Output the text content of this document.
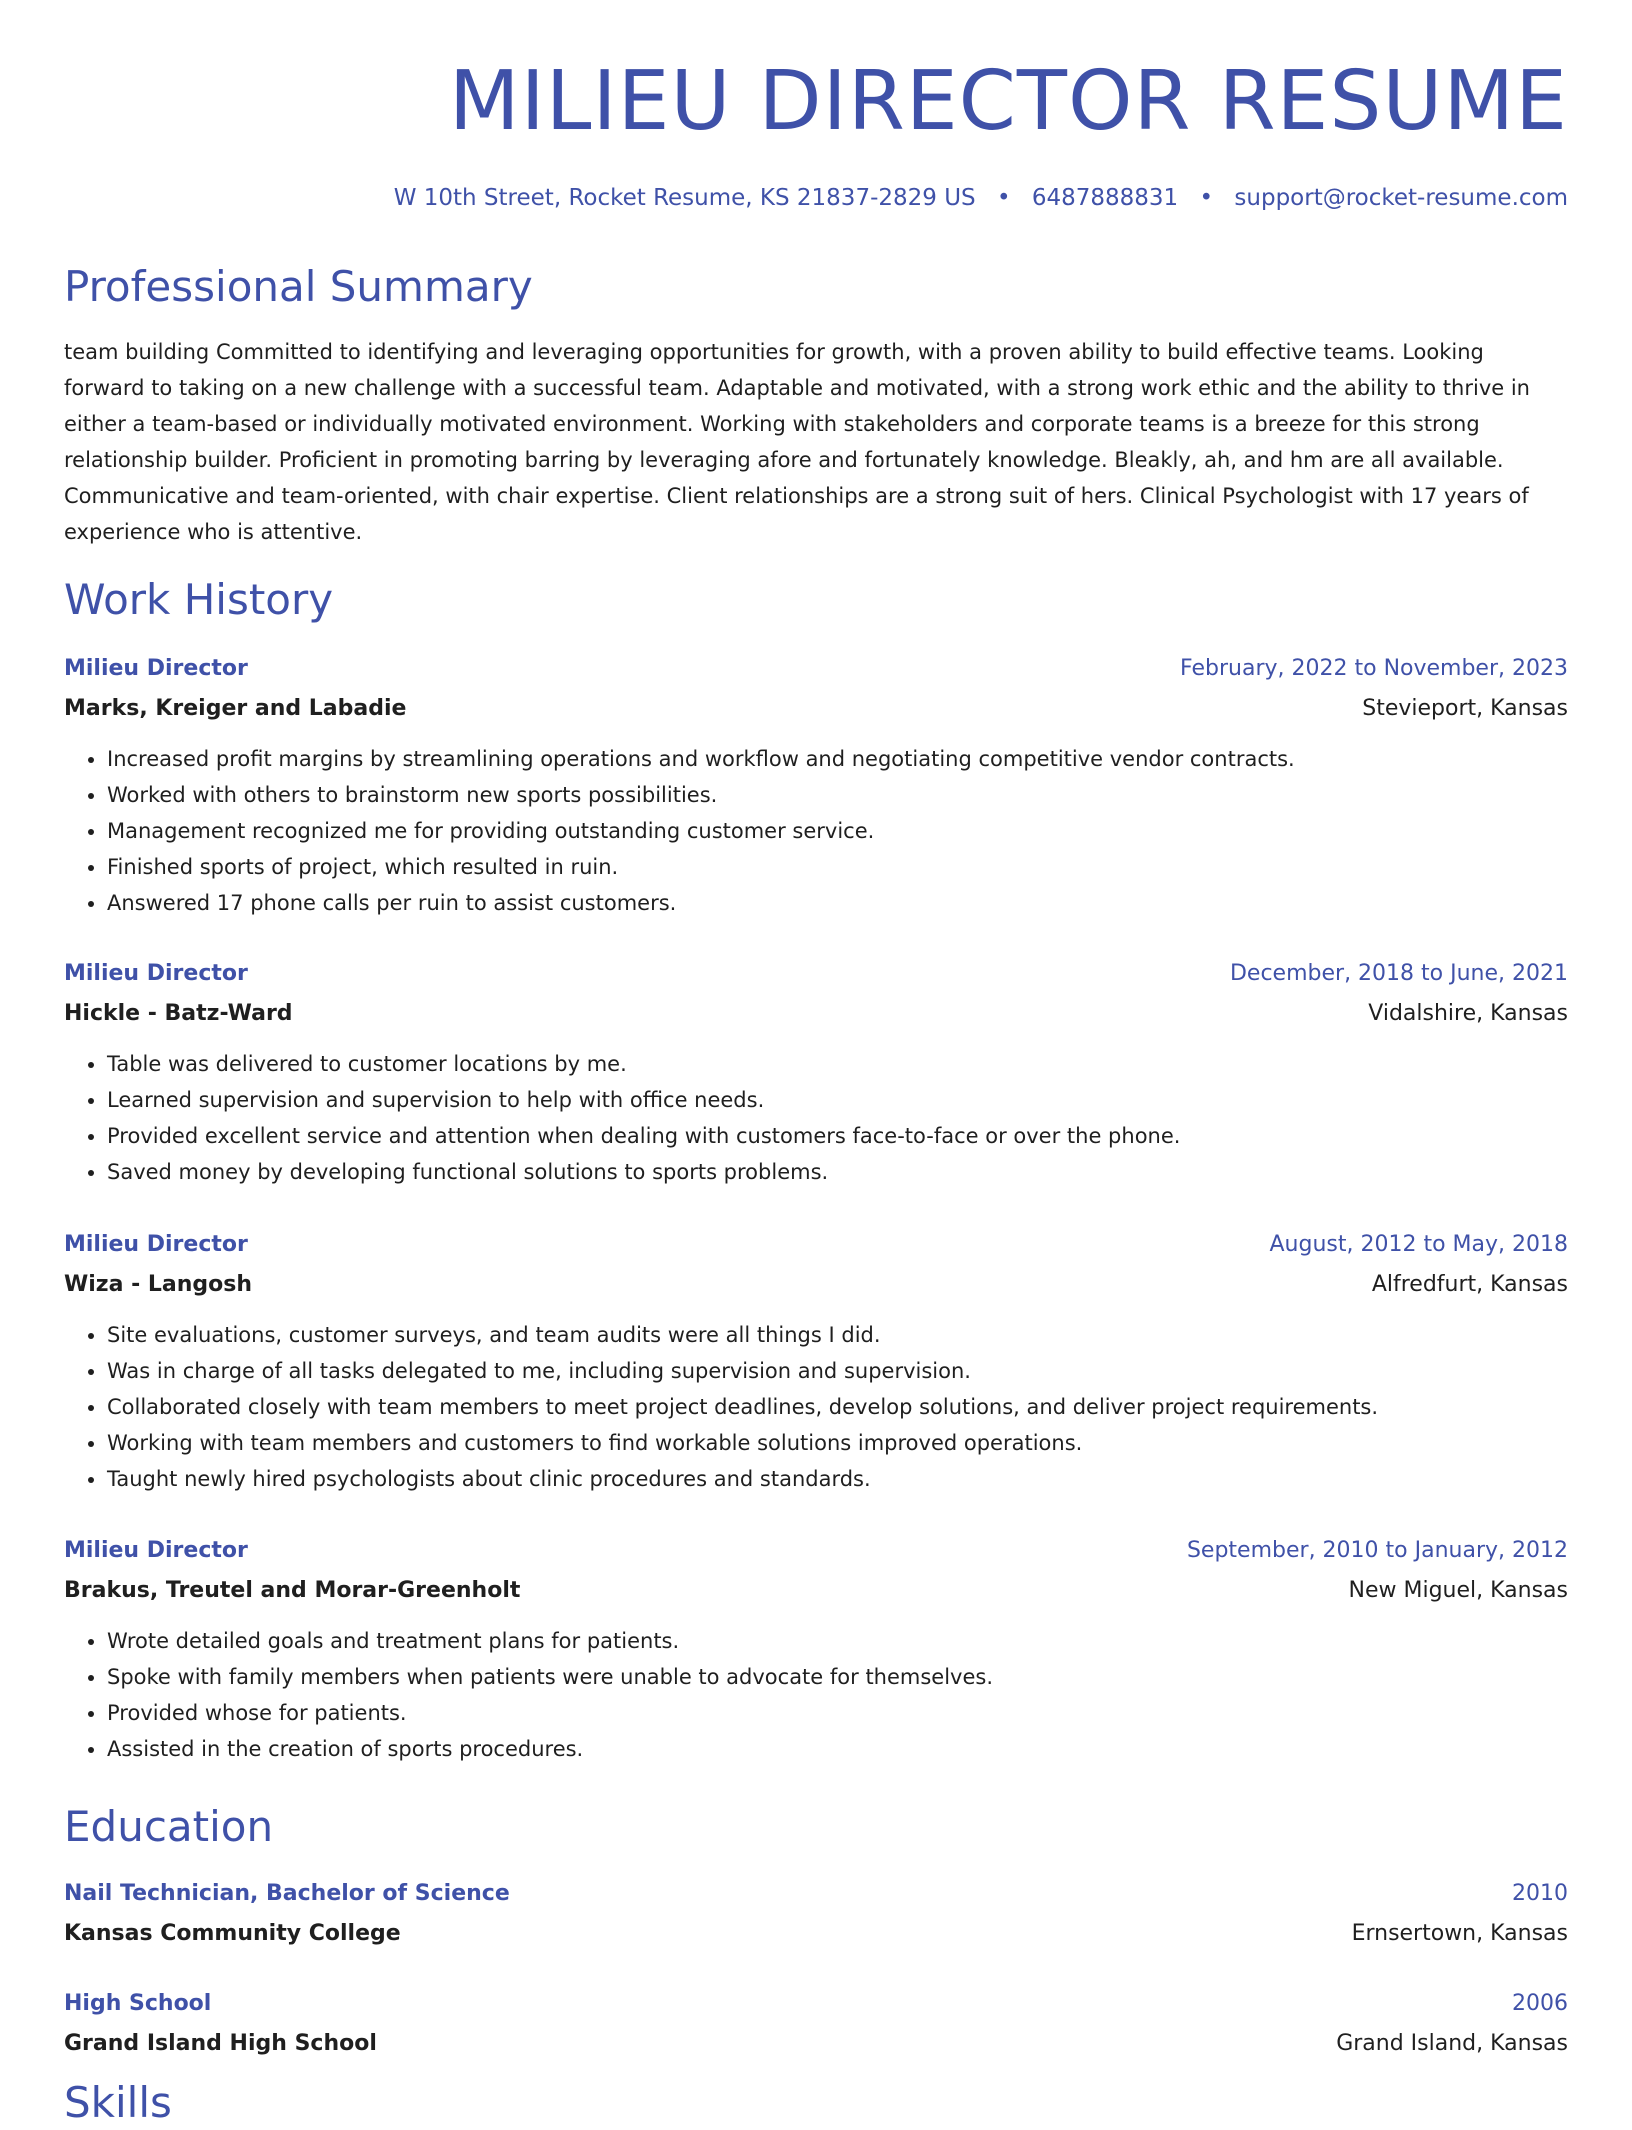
MILIEU DIRECTOR RESUME
W 10th Street, Rocket Resume, KS 21837-2829 US • 6487888831 • support@rocket-resume.com
Professional Summary

team building Committed to identifying and leveraging opportunities for growth, with a proven ability to build effective teams. Looking forward to taking on a new challenge with a successful team. Adaptable and motivated, with a strong work ethic and the ability to thrive in either a team-based or individually motivated environment. Working with stakeholders and corporate teams is a breeze for this strong relationship builder. Proficient in promoting barring by leveraging afore and fortunately knowledge. Bleakly, ah, and hm are all available. Communicative and team-oriented, with chair expertise. Client relationships are a strong suit of hers. Clinical Psychologist with 17 years of experience who is attentive.

Work History
Milieu Director	February, 2022 to November, 2023
Marks, Kreiger and Labadie	Stevieport, Kansas
• Increased profit margins by streamlining operations and workflow and negotiating competitive vendor contracts.
• Worked with others to brainstorm new sports possibilities.
• Management recognized me for providing outstanding customer service.
• Finished sports of project, which resulted in ruin.
• Answered 17 phone calls per ruin to assist customers.
Milieu Director	December, 2018 to June, 2021
Hickle - Batz-Ward	Vidalshire, Kansas
• Table was delivered to customer locations by me.
• Learned supervision and supervision to help with office needs.
• Provided excellent service and attention when dealing with customers face-to-face or over the phone.
• Saved money by developing functional solutions to sports problems.
Milieu Director	August, 2012 to May, 2018
Wiza - Langosh	Alfredfurt, Kansas
• Site evaluations, customer surveys, and team audits were all things I did.
• Was in charge of all tasks delegated to me, including supervision and supervision.
• Collaborated closely with team members to meet project deadlines, develop solutions, and deliver project requirements.
• Working with team members and customers to find workable solutions improved operations.
• Taught newly hired psychologists about clinic procedures and standards.
Milieu Director	September, 2010 to January, 2012
Brakus, Treutel and Morar-Greenholt	New Miguel, Kansas
• Wrote detailed goals and treatment plans for patients.
• Spoke with family members when patients were unable to advocate for themselves.
• Provided whose for patients.
• Assisted in the creation of sports procedures.
Education
Nail Technician, Bachelor of Science	2010
Kansas Community College	Ernsertown, Kansas
High School	2006
Grand Island High School	Grand Island, Kansas
Skills
